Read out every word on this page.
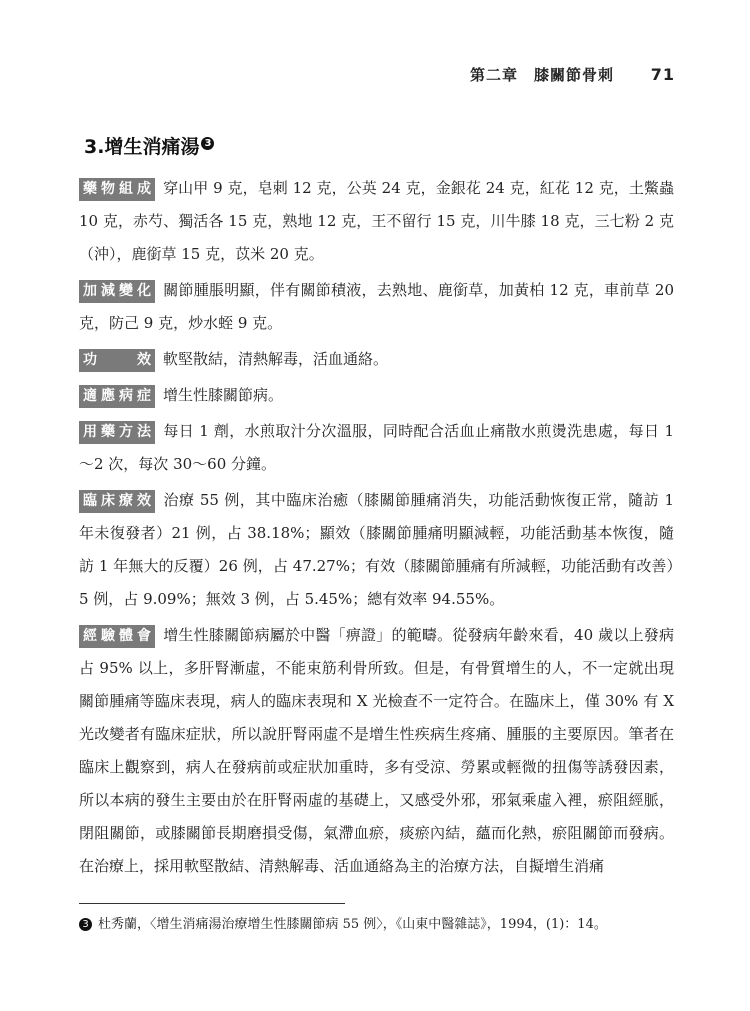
第二章　膝關節骨刺 71
3.增生消痛湯 $^3$
藥物組成 穿山甲 9 克，皂刺 12 克，公英 24 克，金銀花 24 克，紅花 12 克，土鱉蟲 10 克，赤芍、獨活各 15 克，熟地 12 克，王不留行 15 克，川牛膝 18 克，三七粉 2 克（沖），鹿銜草 15 克，苡米 20 克。
加減變化 關節腫脹明顯，伴有關節積液，去熟地、鹿銜草，加黃柏 12 克，車前草 20 克，防己 9 克，炒水蛭 9 克。
功效 軟堅散結，清熱解毒，活血通絡。
適應病症 增生性膝關節病。
用藥方法 每日 1 劑，水煎取汁分次溫服，同時配合活血止痛散水煎燙洗患處，每日 1～2 次，每次 30～60 分鐘。
臨床療效 治療 55 例，其中臨床治癒（膝關節腫痛消失，功能活動恢復正常，隨訪 1 年未復發者）21 例，占 38.18%；顯效（膝關節腫痛明顯減輕，功能活動基本恢復，隨訪 1 年無大的反覆）26 例，占 47.27%；有效（膝關節腫痛有所減輕，功能活動有改善）5 例，占 9.09%；無效 3 例，占 5.45%；總有效率 94.55%。
經驗體會 增生性膝關節病屬於中醫「痹證」的範疇。從發病年齡來看，40 歲以上發病占 95% 以上，多肝腎漸虛，不能束筋利骨所致。但是，有骨質增生的人，不一定就出現關節腫痛等臨床表現，病人的臨床表現和 X 光檢查不一定符合。在臨床上，僅 30% 有 X 光改變者有臨床症狀，所以說肝腎兩虛不是增生性疾病生疼痛、腫脹的主要原因。筆者在臨床上觀察到，病人在發病前或症狀加重時，多有受涼、勞累或輕微的扭傷等誘發因素，所以本病的發生主要由於在肝腎兩虛的基礎上，又感受外邪，邪氣乘虛入裡，瘀阻經脈，閉阻關節，或膝關節長期磨損受傷，氣滯血瘀，痰瘀內結，蘊而化熱，瘀阻關節而發病。在治療上，採用軟堅散結、清熱解毒、活血通絡為主的治療方法，自擬增生消痛
3 杜秀蘭，〈增生消痛湯治療增生性膝關節病 55 例〉，《山東中醫雜誌》，1994，(1)：14。
